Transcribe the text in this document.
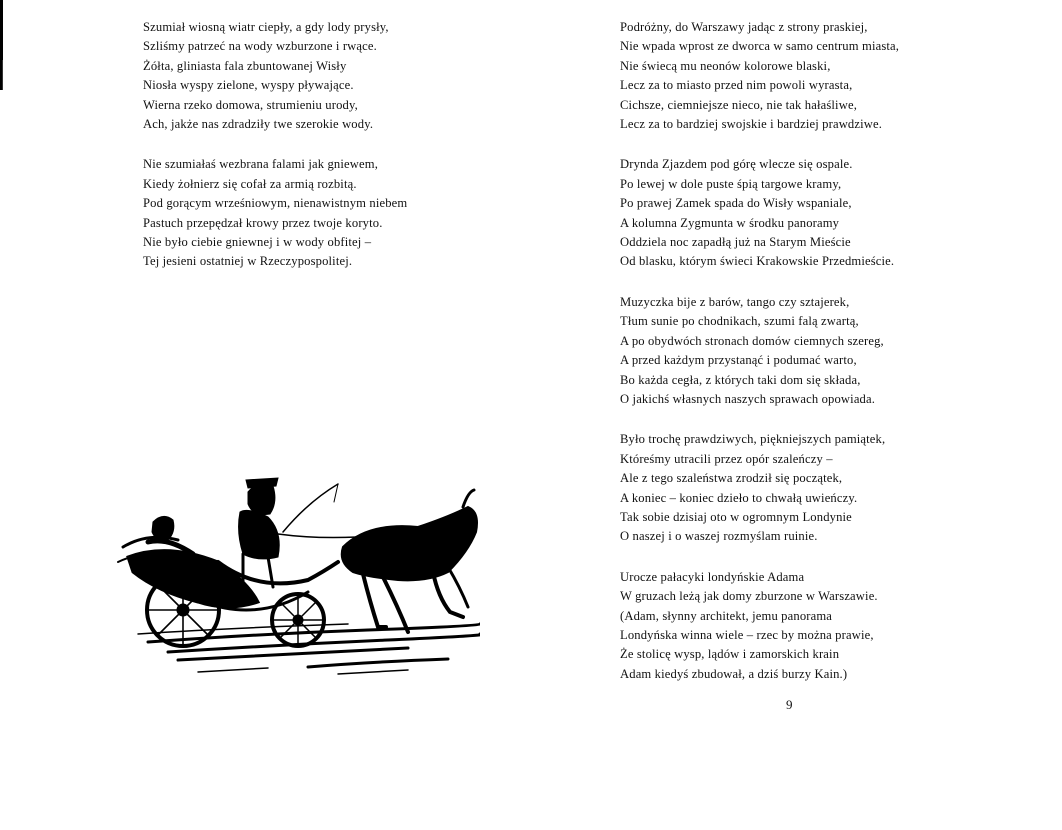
Szumiał wiosną wiatr ciepły, a gdy lody prysły,
Szliśmy patrzeć na wody wzburzone i rwące.
Żółta, gliniasta fala zbuntowanej Wisły
Niosła wyspy zielone, wyspy pływające.
Wierna rzeko domowa, strumieniu urody,
Ach, jakże nas zdradziły twe szerokie wody.
Nie szumiałaś wezbrana falami jak gniewem,
Kiedy żołnierz się cofał za armią rozbitą.
Pod gorącym wrześniowym, nienawistnym niebem
Pastuch przepędzał krowy przez twoje koryto.
Nie było ciebie gniewnej i w wody obfitej –
Tej jesieni ostatniej w Rzeczypospolitej.
Podróżny, do Warszawy jadąc z strony praskiej,
Nie wpada wprost ze dworca w samo centrum miasta,
Nie świecą mu neonów kolorowe blaski,
Lecz za to miasto przed nim powoli wyrasta,
Cichsze, ciemniejsze nieco, nie tak hałaśliwe,
Lecz za to bardziej swojskie i bardziej prawdziwe.
Dryndа Zjazdem pod górę wlecze się ospale.
Po lewej w dole puste śpią targowe kramy,
Po prawej Zamek spada do Wisły wspaniale,
A kolumna Zygmunta w środku panoramy
Oddziela noc zapadłą już na Starym Mieście
Od blasku, którym świeci Krakowskie Przedmieście.
Muzyczka bije z barów, tango czy sztajerek,
Tłum sunie po chodnikach, szumi falą zwartą,
A po obydwóch stronach domów ciemnych szereg,
A przed każdym przystanąć i podumać warto,
Bo każda cegła, z których taki dom się składa,
O jakichś własnych naszych sprawach opowiada.
Było trochę prawdziwych, piękniejszych pamiątek,
Któreśmy utracili przez opór szaleńczy –
Ale z tego szaleństwa zrodził się początek,
A koniec – koniec dzieło to chwałą uwieńczy.
Tak sobie dzisiaj oto w ogromnym Londynie
O naszej i o waszej rozmyślam ruinie.
Urocze pałacyki londyńskie Adama
W gruzach leżą jak domy zburzone w Warszawie.
(Adam, słynny architekt, jemu panorama
Londyńska winna wiele – rzec by można prawie,
Że stolicę wysp, lądów i zamorskich krain
Adam kiedyś zbudował, a dziś burzy Kain.)
9
